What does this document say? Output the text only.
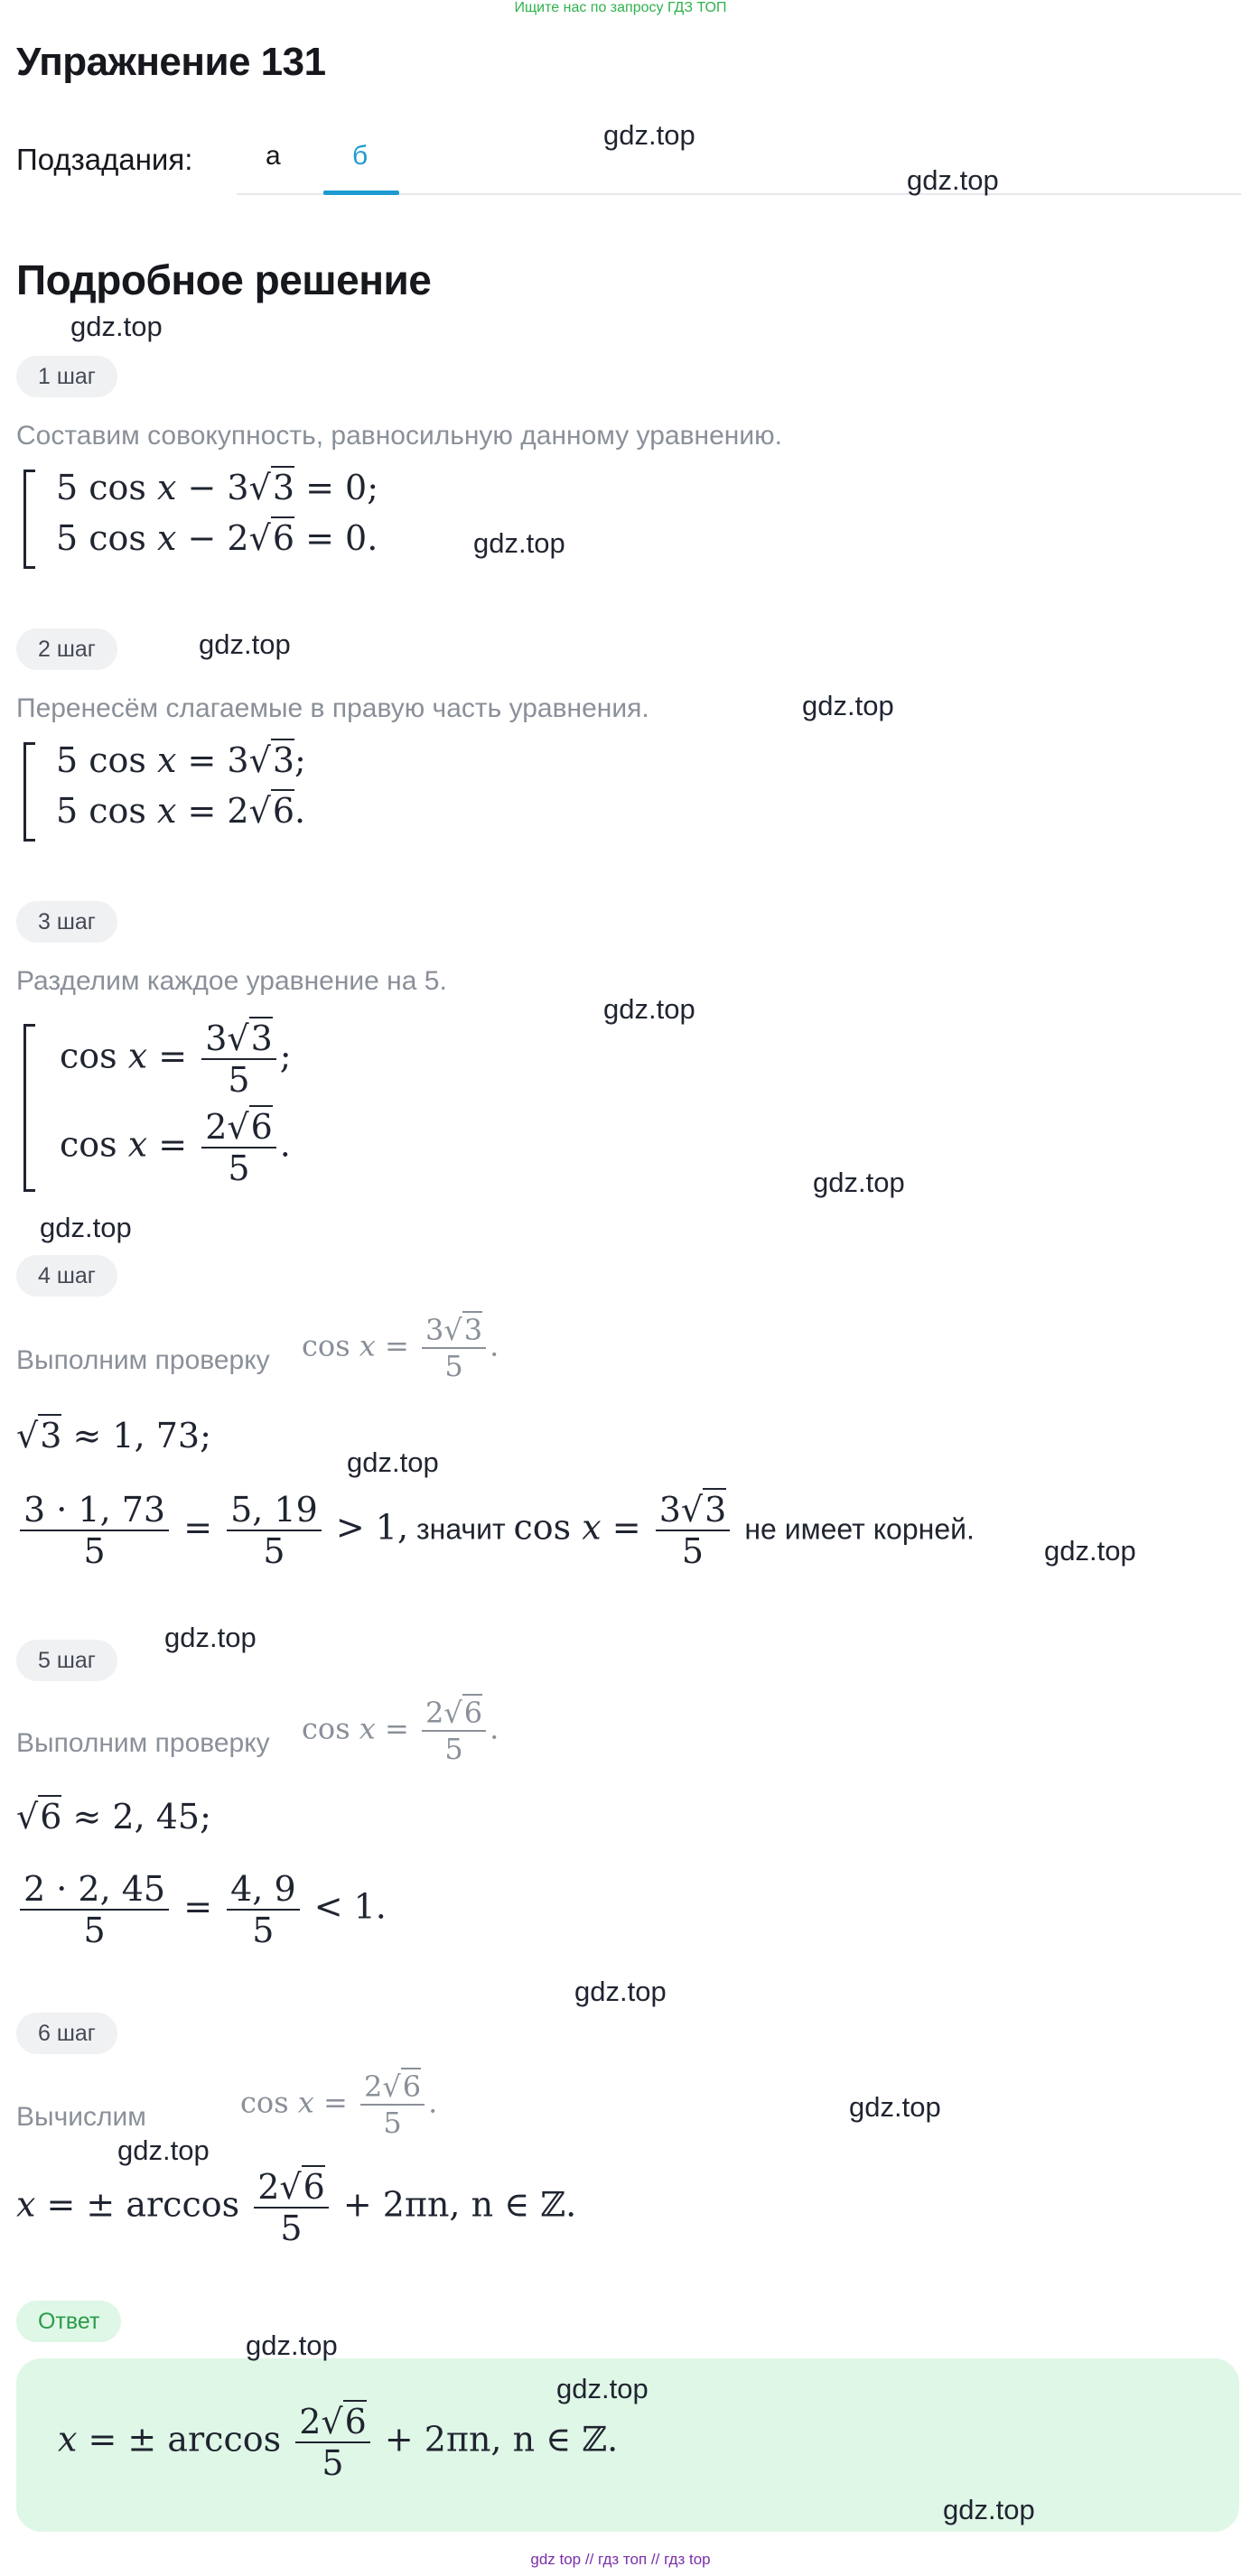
Ищите нас по запросу ГДЗ ТОП
Упражнение 131
Подзадания:	а	б
Подробное решение
1 шаг
Составим совокупность, равносильную данному уравнению.
5 cos x − 3√3 = 0;
5 cos x − 2√6 = 0.
2 шаг
Перенесём слагаемые в правую часть уравнения.
5 cos x = 3√3;
5 cos x = 2√6.
3 шаг
Разделим каждое уравнение на 5.
$\cos x = \frac{3√3}{5}$ ;
$\cos x = \frac{2√6}{5}$ .
4 шаг
Выполним проверку $\cos x = \frac{3√3}{5}$ .
√3 ≈ 1, 73;
$\frac{3 \cdot 1, 73}{5} = \frac{5, 19}{5} > 1$, значит $\cos x = \frac{3√3}{5}$ не имеет корней.
5 шаг
Выполним проверку $\cos x = \frac{2√6}{5}$ .
√6 ≈ 2, 45;
$\frac{2 \cdot 2, 45}{5} = \frac{4, 9}{5} < 1$.
6 шаг
Вычислим	$\cos x = \frac{2√6}{5}$ .
x = ± $\arccos \frac{2√6}{5} + 2\pi n$, n ∈ ℤ.
Ответ
x = ± $\arccos \frac{2√6}{5} + 2\pi n$, n ∈ ℤ.
gdz.top
gdz.top
gdz.top
gdz.top
gdz.top
gdz.top
gdz.top
gdz.top
gdz.top
gdz.top
gdz.top
gdz.top
gdz.top
gdz.top
gdz.top
gdz.top
gdz.top
gdz.top
gdz top // гдз топ // гдз top
